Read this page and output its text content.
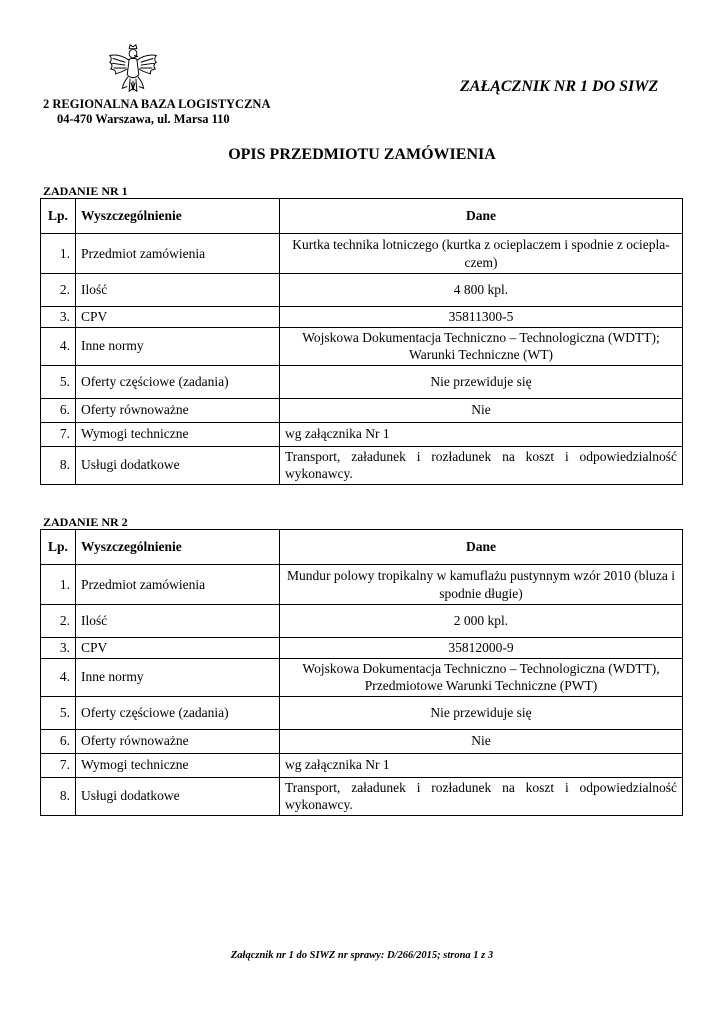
ZAŁĄCZNIK NR 1 DO SIWZ
2 REGIONALNA BAZA LOGISTYCZNA
04-470 Warszawa, ul. Marsa 110
OPIS PRZEDMIOTU ZAMÓWIENIA
ZADANIE NR 1
Lp.	Wyszczególnienie	Dane
1.	Przedmiot zamówienia	Kurtka technika lotniczego (kurtka z ocieplaczem i spodnie z ocieplaczem)
2.	Ilość	4 800 kpl.
3.	CPV	35811300-5
4.	Inne normy	Wojskowa Dokumentacja Techniczno – Technologiczna (WDTT); Warunki Techniczne (WT)
5.	Oferty częściowe (zadania)	Nie przewiduje się
6.	Oferty równoważne	Nie
7.	Wymogi techniczne	wg załącznika Nr 1
8.	Usługi dodatkowe	Transport, załadunek i rozładunek na koszt i odpowiedzialność wykonawcy.
ZADANIE NR 2
Lp.	Wyszczególnienie	Dane
1.	Przedmiot zamówienia	Mundur polowy tropikalny w kamuflażu pustynnym wzór 2010 (bluza i spodnie długie)
2.	Ilość	2 000 kpl.
3.	CPV	35812000-9
4.	Inne normy	Wojskowa Dokumentacja Techniczno – Technologiczna (WDTT), Przedmiotowe Warunki Techniczne (PWT)
5.	Oferty częściowe (zadania)	Nie przewiduje się
6.	Oferty równoważne	Nie
7.	Wymogi techniczne	wg załącznika Nr 1
8.	Usługi dodatkowe	Transport, załadunek i rozładunek na koszt i odpowiedzialność wykonawcy.
Załącznik nr 1 do SIWZ nr sprawy: D/266/2015; strona 1 z 3
